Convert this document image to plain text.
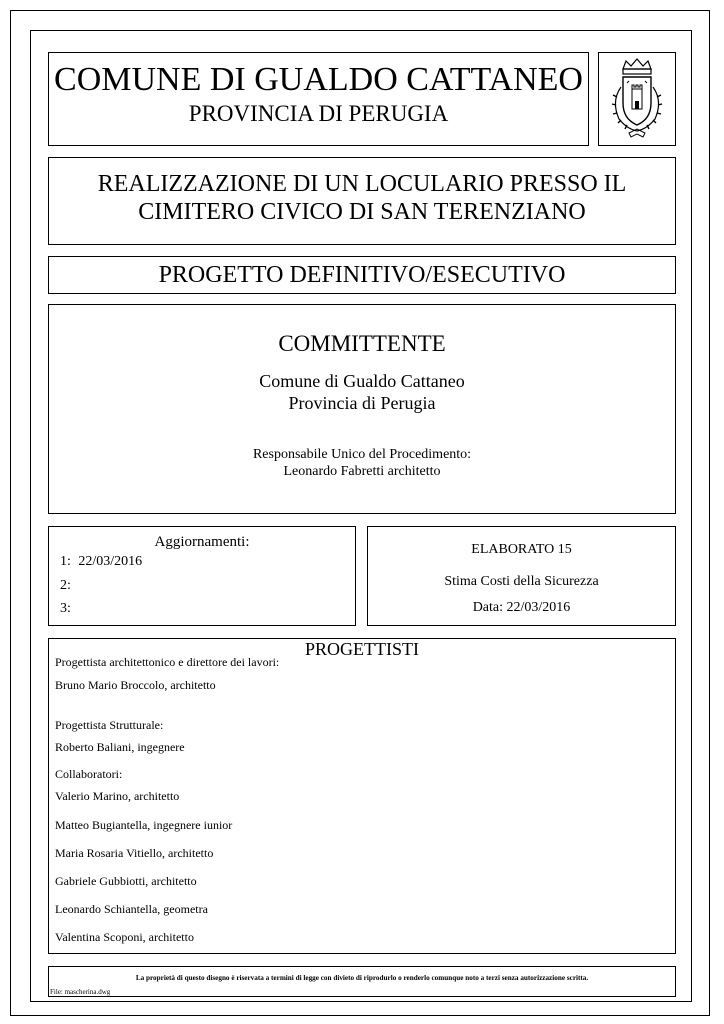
COMUNE DI GUALDO CATTANEO
PROVINCIA DI PERUGIA
REALIZZAZIONE DI UN LOCULARIO PRESSO IL
CIMITERO CIVICO DI SAN TERENZIANO
PROGETTO DEFINITIVO/ESECUTIVO
COMMITTENTE
Comune di Gualdo Cattaneo
Provincia di Perugia
Responsabile Unico del Procedimento:
Leonardo Fabretti architetto
Aggiornamenti:
1: 22/03/2016
2:
3:
ELABORATO 15
Stima Costi della Sicurezza
Data: 22/03/2016
PROGETTISTI
Progettista architettonico e direttore dei lavori:
Bruno Mario Broccolo, architetto
Progettista Strutturale:
Roberto Baliani, ingegnere
Collaboratori:
Valerio Marino, architetto
Matteo Bugiantella, ingegnere iunior
Maria Rosaria Vitiello, architetto
Gabriele Gubbiotti, architetto
Leonardo Schiantella, geometra
Valentina Scoponi, architetto
La proprietà di questo disegno è riservata a termini di legge con divieto di riprodurlo o renderlo comunque noto a terzi senza autorizzazione scritta.
File: mascherina.dwg
